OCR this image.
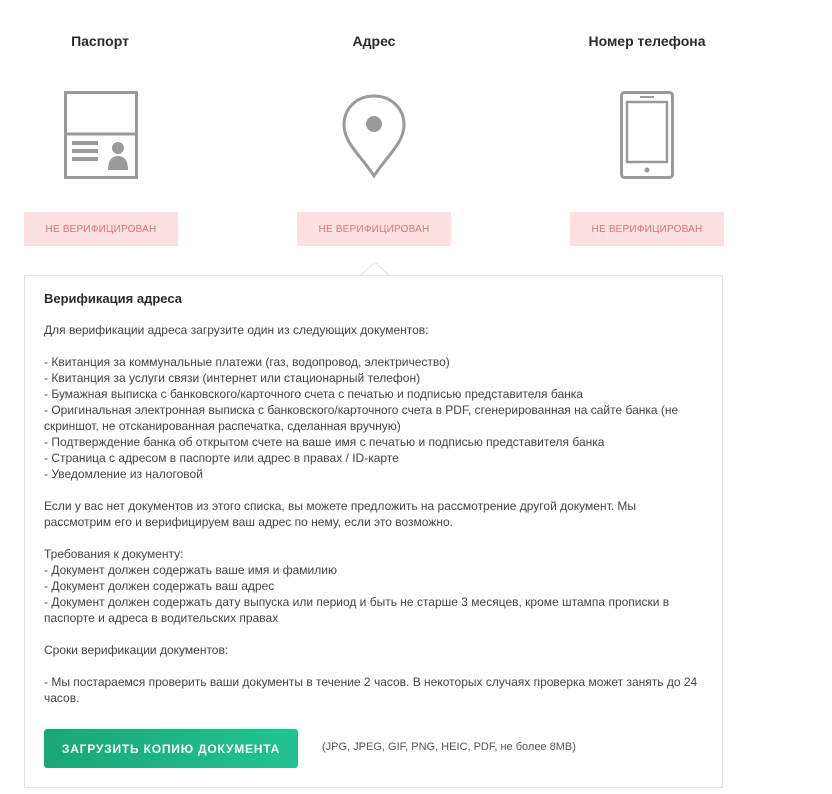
Паспорт
НЕ ВЕРИФИЦИРОВАН
Адрес
НЕ ВЕРИФИЦИРОВАН
Номер телефона
НЕ ВЕРИФИЦИРОВАН
Верификация адреса
Для верификации адреса загрузите один из следующих документов:
- Квитанция за коммунальные платежи (газ, водопровод, электричество)
- Квитанция за услуги связи (интернет или стационарный телефон)
- Бумажная выписка с банковского/карточного счета с печатью и подписью представителя банка
- Оригинальная электронная выписка с банковского/карточного счета в PDF, сгенерированная на сайте банка (не скриншот, не отсканированная распечатка, сделанная вручную)
- Подтверждение банка об открытом счете на ваше имя с печатью и подписью представителя банка
- Страница с адресом в паспорте или адрес в правах / ID-карте
- Уведомление из налоговой
Если у вас нет документов из этого списка, вы можете предложить на рассмотрение другой документ. Мы рассмотрим его и верифицируем ваш адрес по нему, если это возможно.
Требования к документу:
- Документ должен содержать ваше имя и фамилию
- Документ должен содержать ваш адрес
- Документ должен содержать дату выпуска или период и быть не старше 3 месяцев, кроме штампа прописки в паспорте и адреса в водительских правах
Сроки верификации документов:
- Мы постараемся проверить ваши документы в течение 2 часов. В некоторых случаях проверка может занять до 24 часов.
ЗАГРУЗИТЬ КОПИЮ ДОКУМЕНТА	(JPG, JPEG, GIF, PNG, HEIC, PDF, не более 8MB)
